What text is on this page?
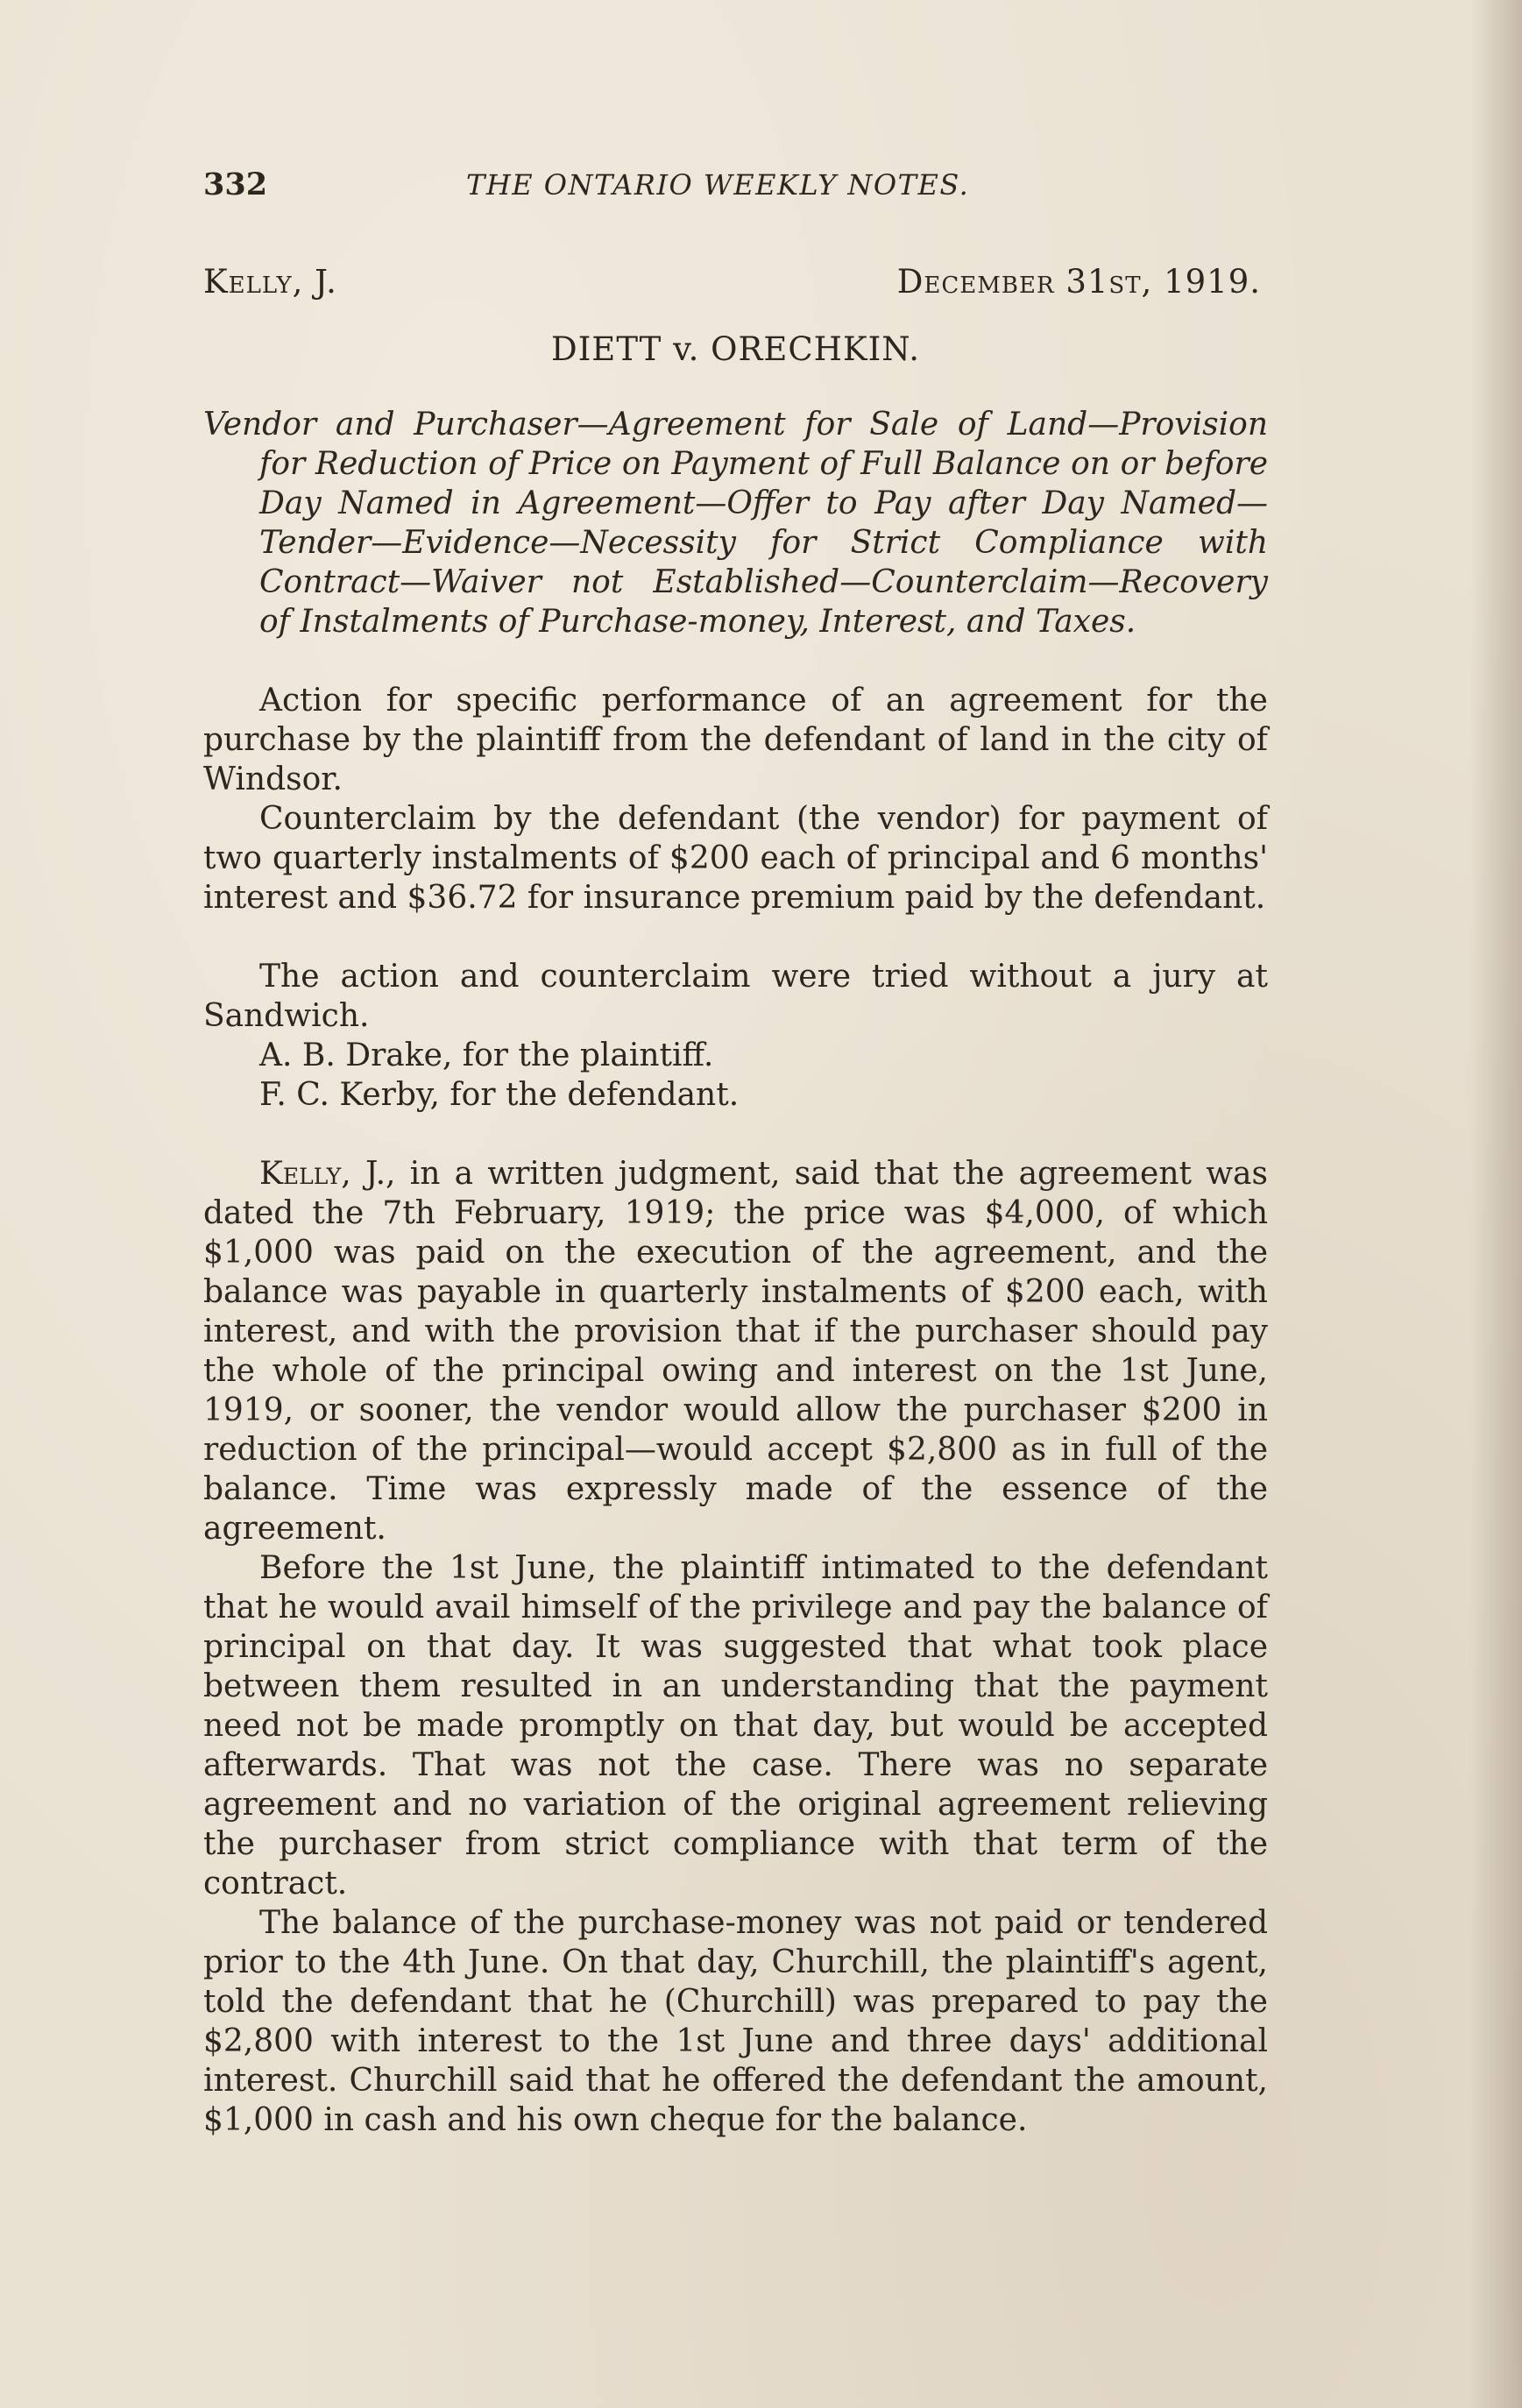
332	THE ONTARIO WEEKLY NOTES.
Kelly, J.	December 31st, 1919.
DIETT v. ORECHKIN.
Vendor and Purchaser—Agreement for Sale of Land—Provision for Reduction of Price on Payment of Full Balance on or before Day Named in Agreement—Offer to Pay after Day Named—Tender—Evidence—Necessity for Strict Compliance with Contract—Waiver not Established—Counterclaim—Recovery of Instalments of Purchase-money, Interest, and Taxes.

Action for specific performance of an agreement for the purchase by the plaintiff from the defendant of land in the city of Windsor.

Counterclaim by the defendant (the vendor) for payment of two quarterly instalments of $200 each of principal and 6 months' interest and $36.72 for insurance premium paid by the defendant.

The action and counterclaim were tried without a jury at Sandwich.

A. B. Drake, for the plaintiff.

F. C. Kerby, for the defendant.

Kelly, J., in a written judgment, said that the agreement was dated the 7th February, 1919; the price was $4,000, of which $1,000 was paid on the execution of the agreement, and the balance was payable in quarterly instalments of $200 each, with interest, and with the provision that if the purchaser should pay the whole of the principal owing and interest on the 1st June, 1919, or sooner, the vendor would allow the purchaser $200 in reduction of the principal—would accept $2,800 as in full of the balance. Time was expressly made of the essence of the agreement.

Before the 1st June, the plaintiff intimated to the defendant that he would avail himself of the privilege and pay the balance of principal on that day. It was suggested that what took place between them resulted in an understanding that the payment need not be made promptly on that day, but would be accepted afterwards. That was not the case. There was no separate agreement and no variation of the original agreement relieving the purchaser from strict compliance with that term of the contract.

The balance of the purchase-money was not paid or tendered prior to the 4th June. On that day, Churchill, the plaintiff's agent, told the defendant that he (Churchill) was prepared to pay the $2,800 with interest to the 1st June and three days' additional interest. Churchill said that he offered the defendant the amount, $1,000 in cash and his own cheque for the balance.
